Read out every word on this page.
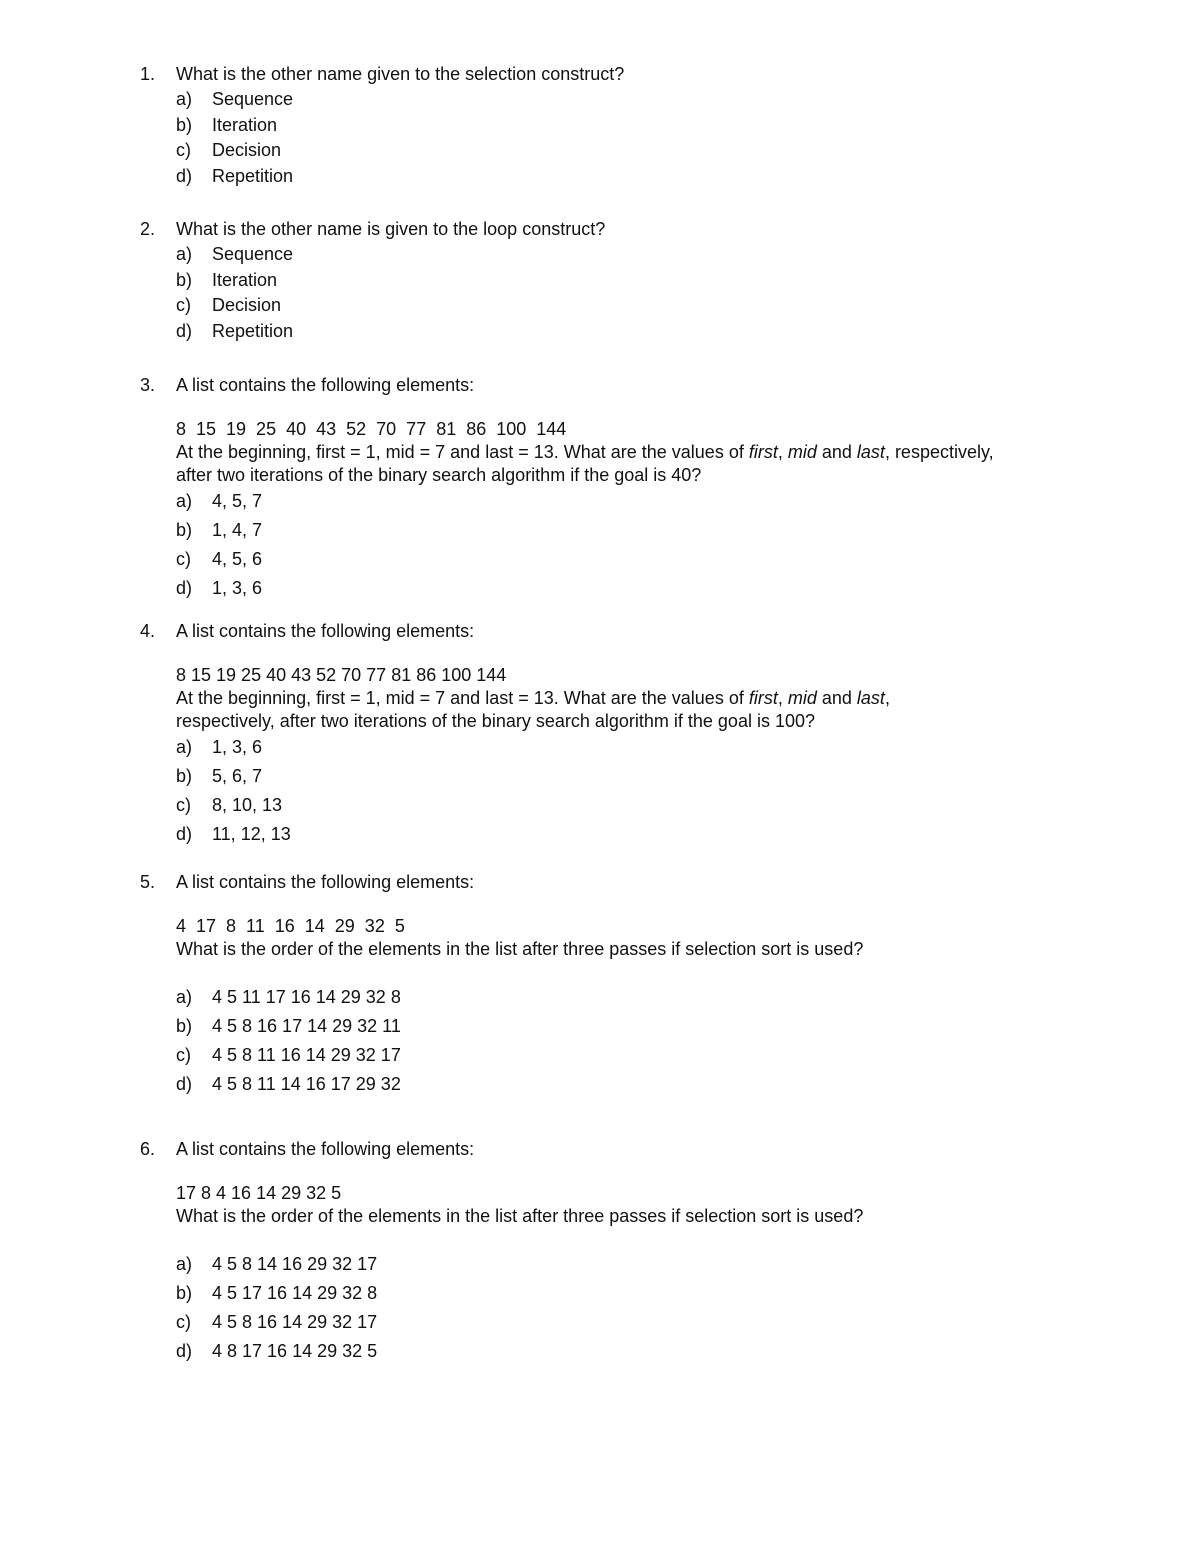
1.	What is the other name given to the selection construct?
a)	Sequence
b)	Iteration
c)	Decision
d)	Repetition
2.	What is the other name is given to the loop construct?
a)	Sequence
b)	Iteration
c)	Decision
d)	Repetition
3.	A list contains the following elements:
8  15  19  25  40  43  52  70  77  81  86  100  144
At the beginning, first = 1, mid = 7 and last = 13. What are the values of first, mid and last, respectively,
after two iterations of the binary search algorithm if the goal is 40?
a)	4, 5, 7
b)	1, 4, 7
c)	4, 5, 6
d)	1, 3, 6
4.	A list contains the following elements:
8 15 19 25 40 43 52 70 77 81 86 100 144
At the beginning, first = 1, mid = 7 and last = 13. What are the values of first, mid and last,
respectively, after two iterations of the binary search algorithm if the goal is 100?
a)	1, 3, 6
b)	5, 6, 7
c)	8, 10, 13
d)	11, 12, 13
5.	A list contains the following elements:
4  17  8  11  16  14  29  32  5
What is the order of the elements in the list after three passes if selection sort is used?
a)	4 5 11 17 16 14 29 32 8
b)	4 5 8 16 17 14 29 32 11
c)	4 5 8 11 16 14 29 32 17
d)	4 5 8 11 14 16 17 29 32
6.	A list contains the following elements:
17 8 4 16 14 29 32 5
What is the order of the elements in the list after three passes if selection sort is used?
a)	4 5 8 14 16 29 32 17
b)	4 5 17 16 14 29 32 8
c)	4 5 8 16 14 29 32 17
d)	4 8 17 16 14 29 32 5
